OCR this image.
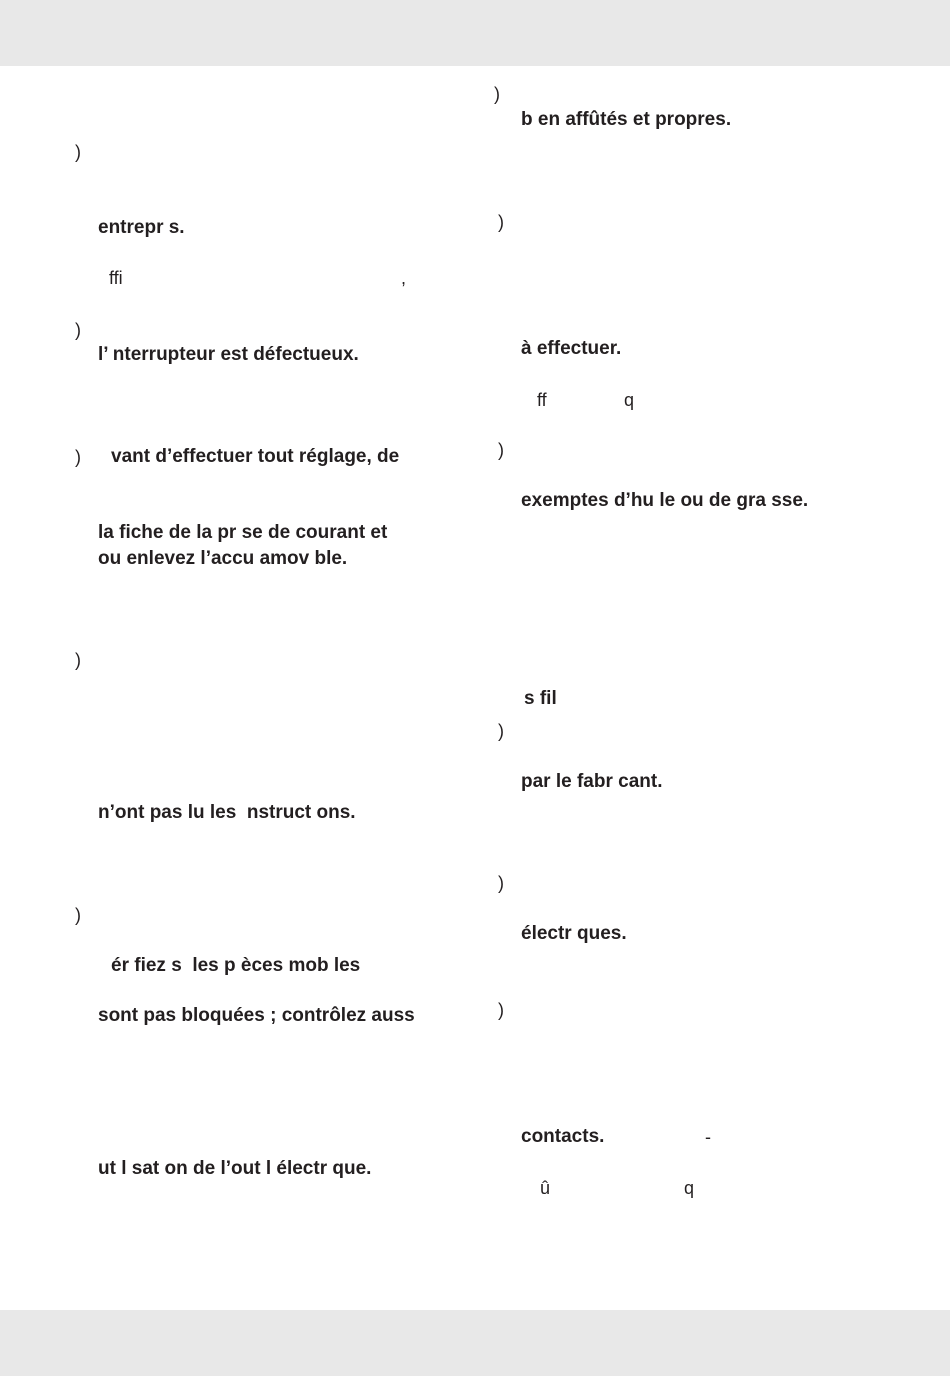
)
entrepr s.
ffi	,
)
l’ nterrupteur est défectueux.
) vant d’effectuer tout réglage, de
la fiche de la pr se de courant et
ou enlevez l’accu amov ble.
)
n’ont pas lu les  nstruct ons.
)
ér fiez s  les p èces mob les
sont pas bloquées ; contrôlez auss
ut l sat on de l’out l électr que.
)
b en affûtés et propres.
)
à effectuer.
ff	q
)
exemptes d’hu le ou de gra sse.
s fil
)
par le fabr cant.
)
électr ques.
)
contacts.	-
û	q
